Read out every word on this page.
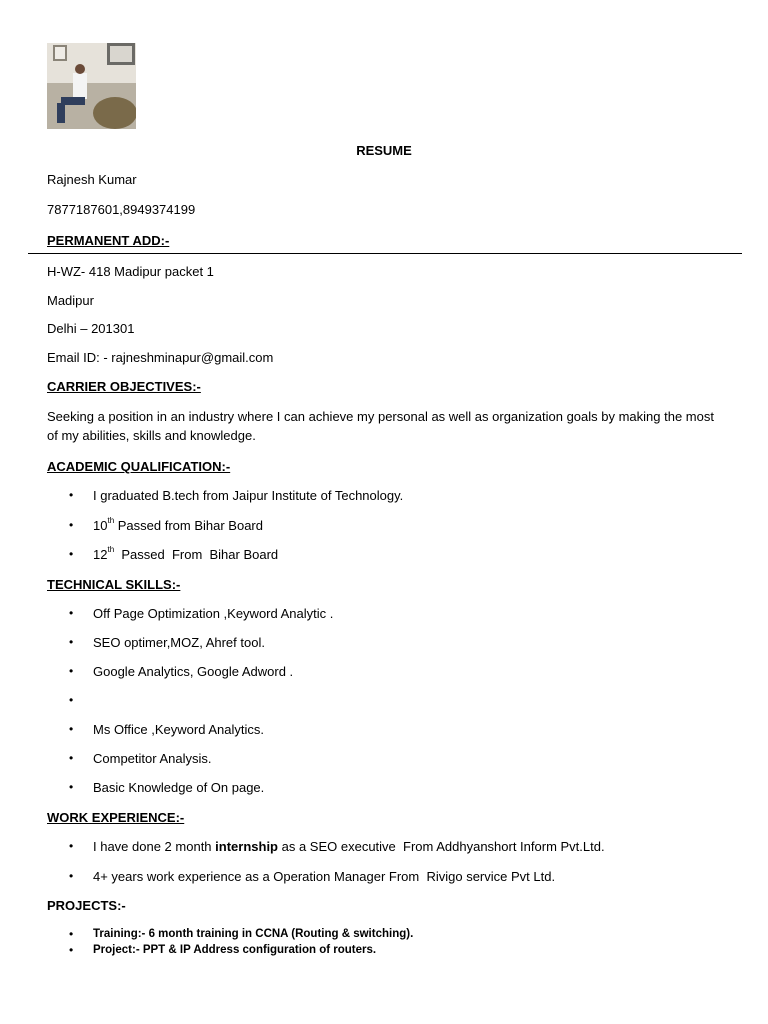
RESUME
Rajnesh Kumar
7877187601,8949374199
PERMANENT ADD:-
H-WZ- 418 Madipur packet 1
Madipur
Delhi – 201301
Email ID: - rajneshminapur@gmail.com
CARRIER OBJECTIVES:-
Seeking a position in an industry where I can achieve my personal as well as organization goals by making the most of my abilities, skills and knowledge.
ACADEMIC QUALIFICATION:-
• I graduated B.tech from Jaipur Institute of Technology.
• 10th Passed from Bihar Board
• 12th  Passed  From  Bihar Board
TECHNICAL SKILLS:-
• Off Page Optimization ,Keyword Analytic .
• SEO optimer,MOZ, Ahref tool.
• Google Analytics, Google Adword .
•
• Ms Office ,Keyword Analytics.
• Competitor Analysis.
• Basic Knowledge of On page.
WORK EXPERIENCE:-
• I have done 2 month internship as a SEO executive  From Addhyanshort Inform Pvt.Ltd.
• 4+ years work experience as a Operation Manager From  Rivigo service Pvt Ltd.
PROJECTS:-
• Training:- 6 month training in CCNA (Routing & switching).
• Project:- PPT & IP Address configuration of routers.
